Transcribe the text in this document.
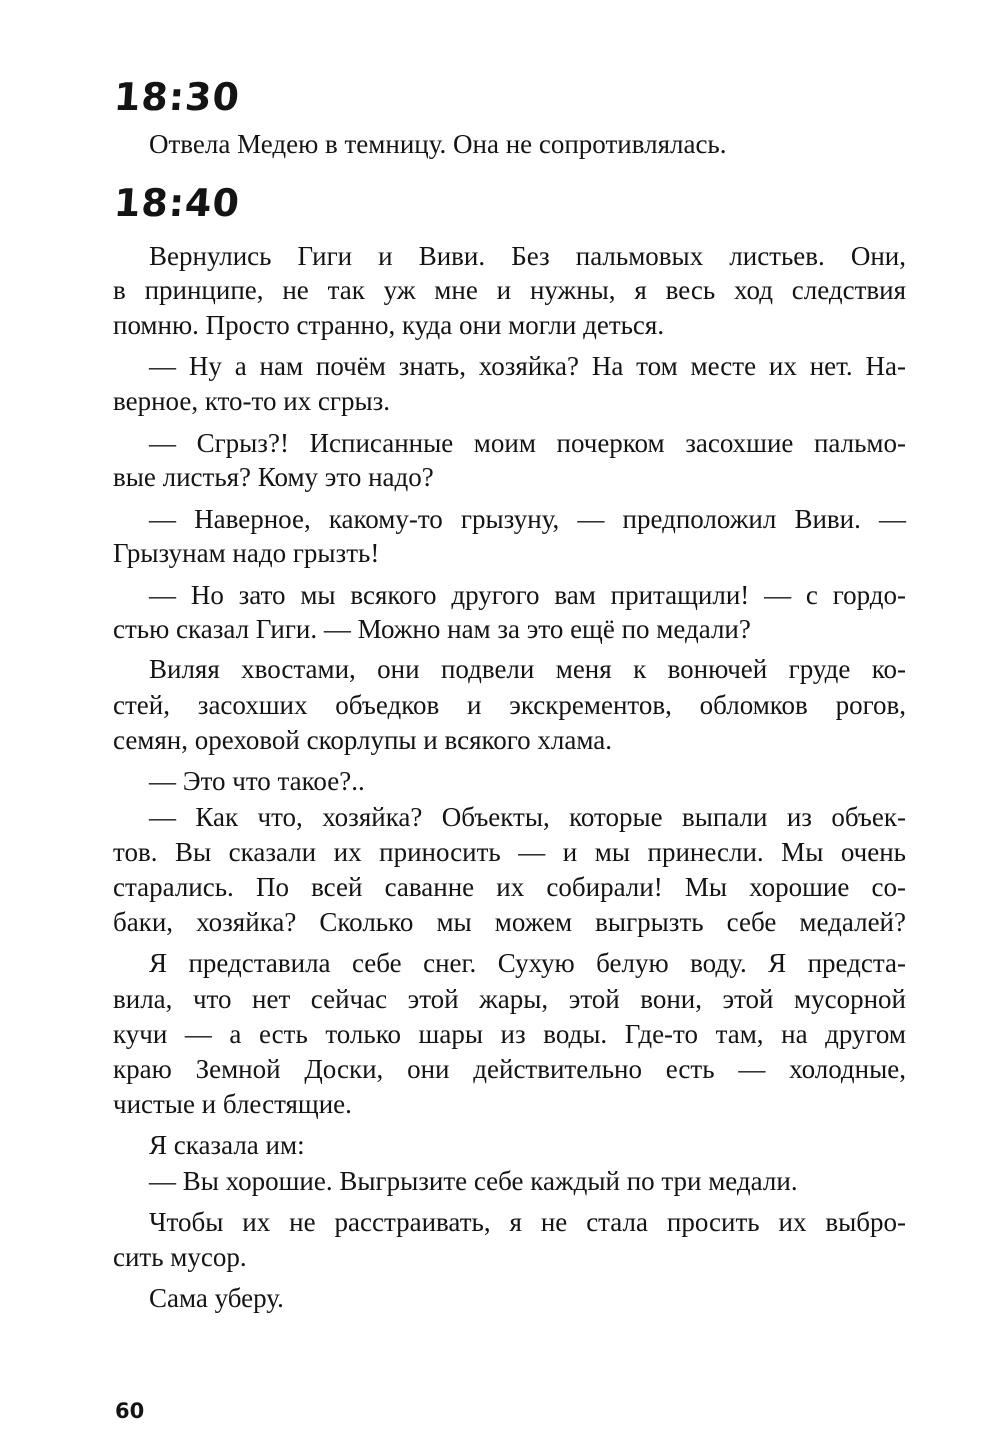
18:30
Отвела Медею в темницу. Она не сопротивлялась.
18:40
Вернулись Гиги и Виви. Без пальмовых листьев. Они,
в принципе, не так уж мне и нужны, я весь ход следствия
помню. Просто странно, куда они могли деться.
— Ну а нам почём знать, хозяйка? На том месте их нет. На-
верное, кто-то их сгрыз.
— Сгрыз?! Исписанные моим почерком засохшие пальмо-
вые листья? Кому это надо?
— Наверное, какому-то грызуну, — предположил Виви. —
Грызунам надо грызть!
— Но зато мы всякого другого вам притащили! — с гордо-
стью сказал Гиги. — Можно нам за это ещё по медали?
Виляя хвостами, они подвели меня к вонючей груде ко-
стей, засохших объедков и экскрементов, обломков рогов,
семян, ореховой скорлупы и всякого хлама.
— Это что такое?..
— Как что, хозяйка? Объекты, которые выпали из объек-
тов. Вы сказали их приносить — и мы принесли. Мы очень
старались. По всей саванне их собирали! Мы хорошие со-
баки, хозяйка? Сколько мы можем выгрызть себе медалей?
Я представила себе снег. Сухую белую воду. Я предста-
вила, что нет сейчас этой жары, этой вони, этой мусорной
кучи — а есть только шары из воды. Где-то там, на другом
краю Земной Доски, они действительно есть — холодные,
чистые и блестящие.
Я сказала им:
— Вы хорошие. Выгрызите себе каждый по три медали.
Чтобы их не расстраивать, я не стала просить их выбро-
сить мусор.
Сама уберу.
60
